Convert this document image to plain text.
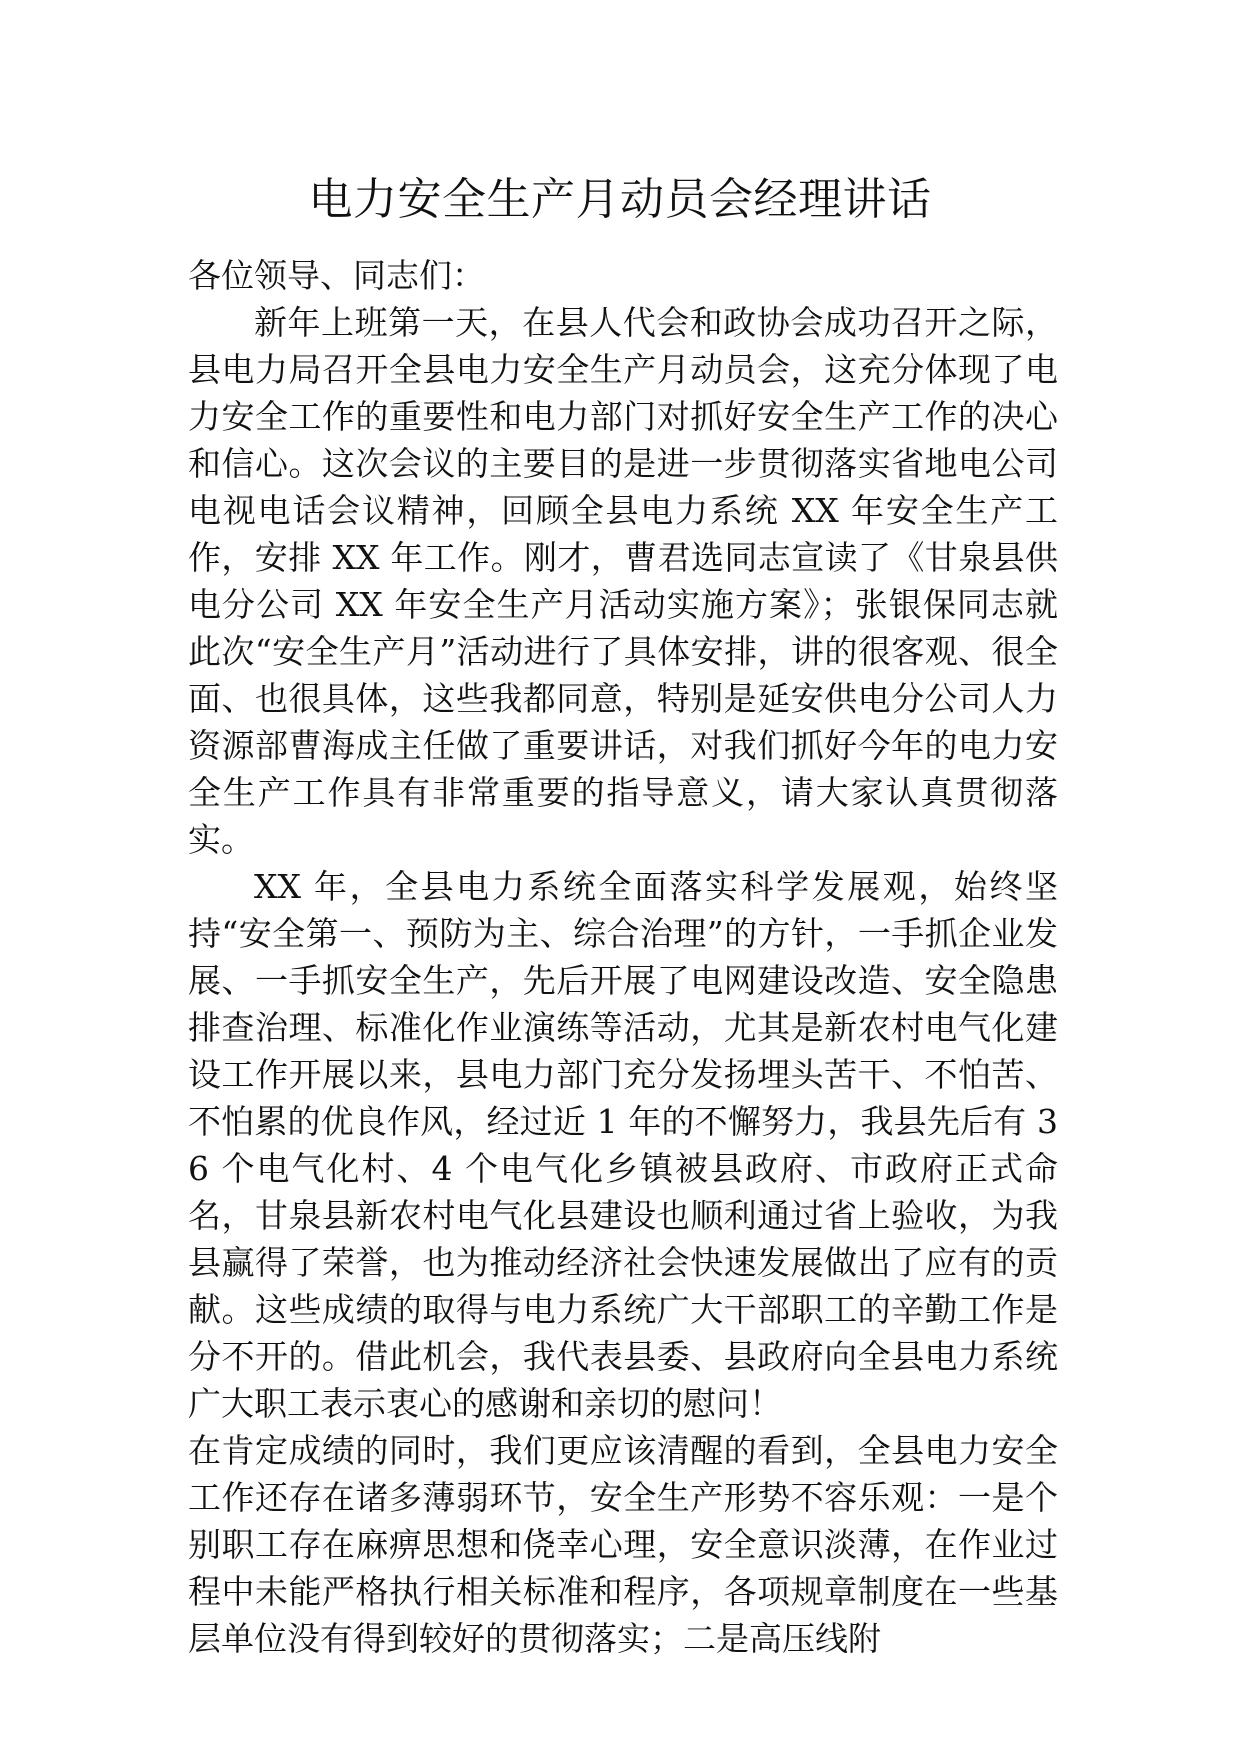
电力安全生产月动员会经理讲话

各位领导、同志们：

新年上班第一天，在县人代会和政协会成功召开之际，县电力局召开全县电力安全生产月动员会，这充分体现了电力安全工作的重要性和电力部门对抓好安全生产工作的决心和信心。这次会议的主要目的是进一步贯彻落实省地电公司电视电话会议精神，回顾全县电力系统 XX 年安全生产工作，安排 XX 年工作。刚才，曹君选同志宣读了《甘泉县供电分公司 XX 年安全生产月活动实施方案》；张银保同志就此次“安全生产月”活动进行了具体安排，讲的很客观、很全面、也很具体，这些我都同意，特别是延安供电分公司人力资源部曹海成主任做了重要讲话，对我们抓好今年的电力安全生产工作具有非常重要的指导意义，请大家认真贯彻落实。

XX 年，全县电力系统全面落实科学发展观，始终坚持“安全第一、预防为主、综合治理”的方针，一手抓企业发展、一手抓安全生产，先后开展了电网建设改造、安全隐患排查治理、标准化作业演练等活动，尤其是新农村电气化建设工作开展以来，县电力部门充分发扬埋头苦干、不怕苦、不怕累的优良作风，经过近 1 年的不懈努力，我县先后有 36 个电气化村、4 个电气化乡镇被县政府、市政府正式命名，甘泉县新农村电气化县建设也顺利通过省上验收，为我县赢得了荣誉，也为推动经济社会快速发展做出了应有的贡献。这些成绩的取得与电力系统广大干部职工的辛勤工作是分不开的。借此机会，我代表县委、县政府向全县电力系统广大职工表示衷心的感谢和亲切的慰问！

在肯定成绩的同时，我们更应该清醒的看到，全县电力安全工作还存在诸多薄弱环节，安全生产形势不容乐观：一是个别职工存在麻痹思想和侥幸心理，安全意识淡薄，在作业过程中未能严格执行相关标准和程序，各项规章制度在一些基层单位没有得到较好的贯彻落实；二是高压线附
